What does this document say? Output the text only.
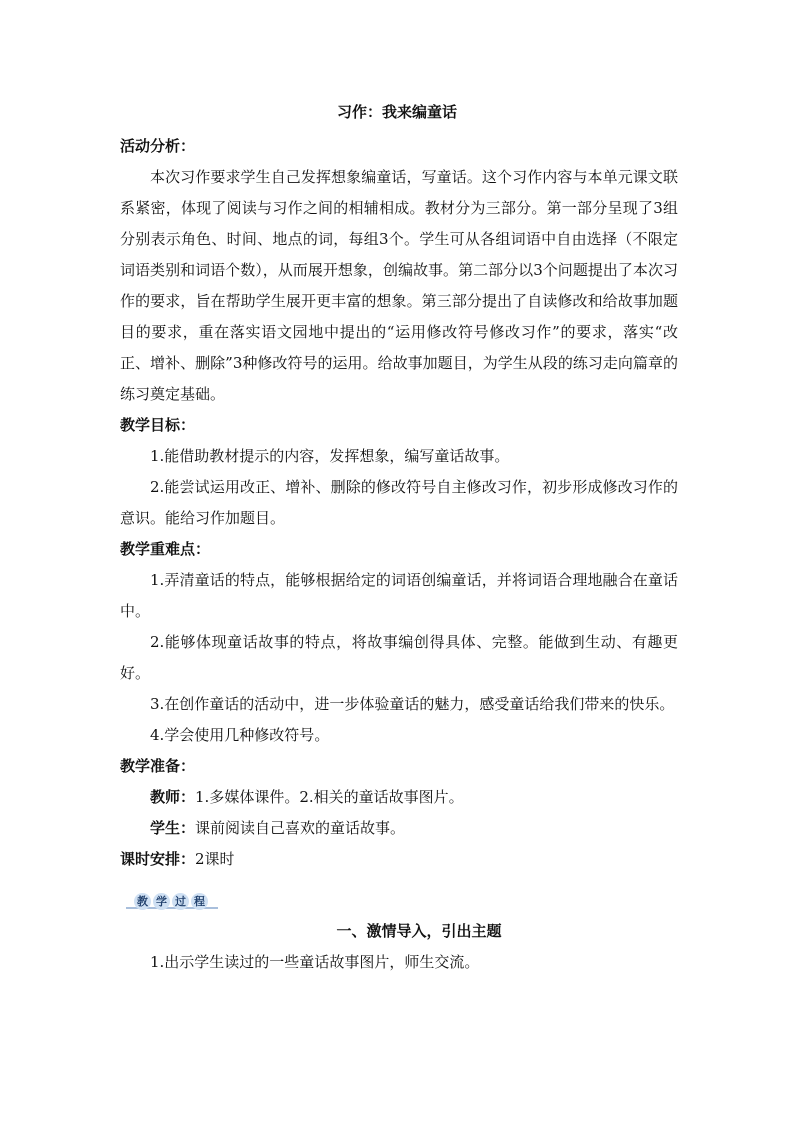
习作：我来编童话

活动分析：

本次习作要求学生自己发挥想象编童话，写童话。这个习作内容与本单元课文联系紧密，体现了阅读与习作之间的相辅相成。教材分为三部分。第一部分呈现了3组分别表示角色、时间、地点的词，每组3个。学生可从各组词语中自由选择（不限定词语类别和词语个数），从而展开想象，创编故事。第二部分以3个问题提出了本次习作的要求，旨在帮助学生展开更丰富的想象。第三部分提出了自读修改和给故事加题目的要求，重在落实语文园地中提出的“运用修改符号修改习作”的要求，落实“改正、增补、删除”3种修改符号的运用。给故事加题目，为学生从段的练习走向篇章的练习奠定基础。

教学目标：

1.能借助教材提示的内容，发挥想象，编写童话故事。

2.能尝试运用改正、增补、删除的修改符号自主修改习作，初步形成修改习作的意识。能给习作加题目。

教学重难点：

1.弄清童话的特点，能够根据给定的词语创编童话，并将词语合理地融合在童话中。

2.能够体现童话故事的特点，将故事编创得具体、完整。能做到生动、有趣更好。

3.在创作童话的活动中，进一步体验童话的魅力，感受童话给我们带来的快乐。

4.学会使用几种修改符号。

教学准备：

教师：1.多媒体课件。2.相关的童话故事图片。

学生：课前阅读自己喜欢的童话故事。

课时安排：2课时

教 学 过 程

一、激情导入，引出主题

1.出示学生读过的一些童话故事图片，师生交流。
